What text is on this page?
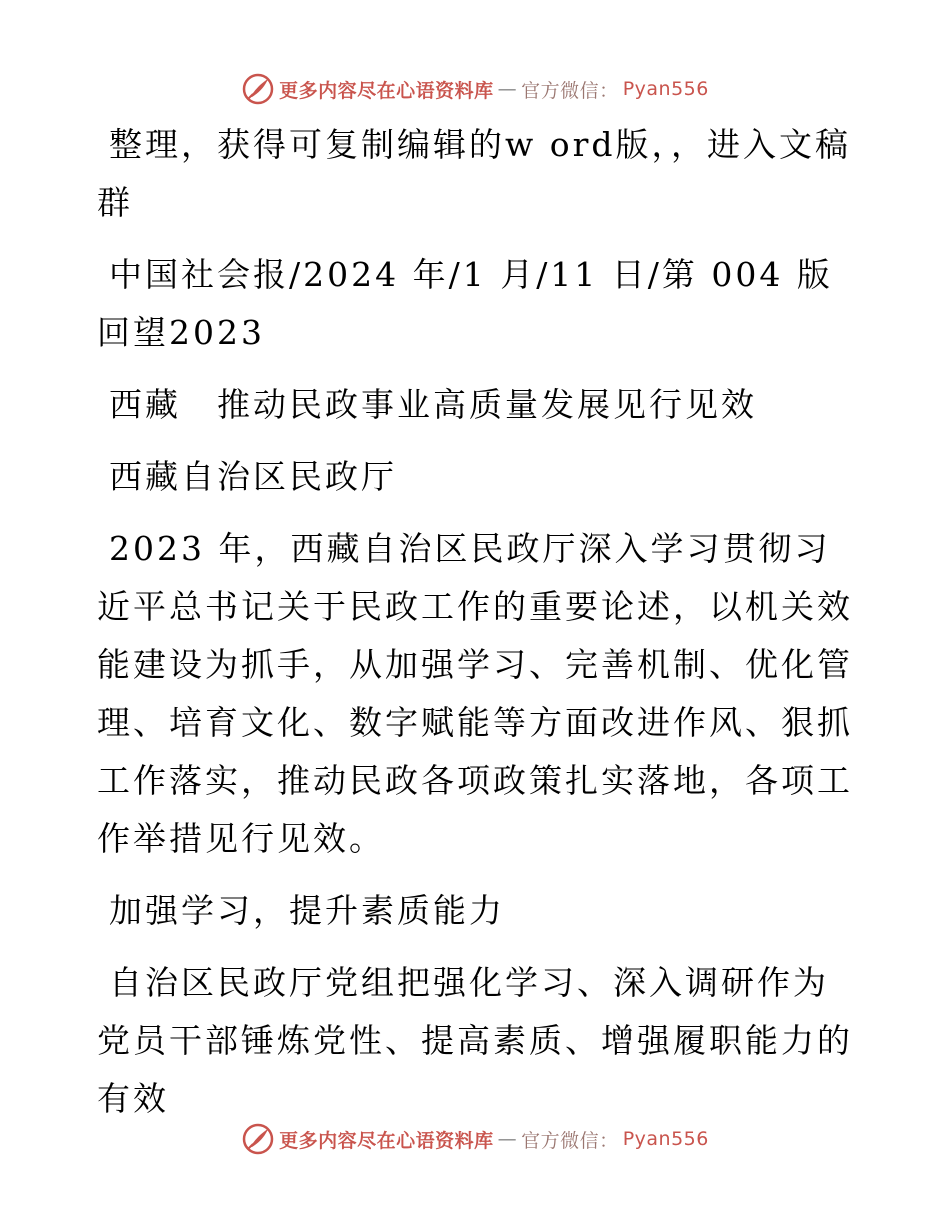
更多内容尽在心语资料库 — 官方微信： Pyan556

整理，获得可复制编辑的w ord版，，进入文稿群

中国社会报/2024 年/1 月/11 日/第 004 版回望2023

西藏　推动民政事业高质量发展见行见效

西藏自治区民政厅

2023 年，西藏自治区民政厅深入学习贯彻习近平总书记关于民政工作的重要论述，以机关效能建设为抓手，从加强学习、完善机制、优化管理、培育文化、数字赋能等方面改进作风、狠抓工作落实，推动民政各项政策扎实落地，各项工作举措见行见效。

加强学习，提升素质能力

自治区民政厅党组把强化学习、深入调研作为党员干部锤炼党性、提高素质、增强履职能力的有效

更多内容尽在心语资料库 — 官方微信： Pyan556
